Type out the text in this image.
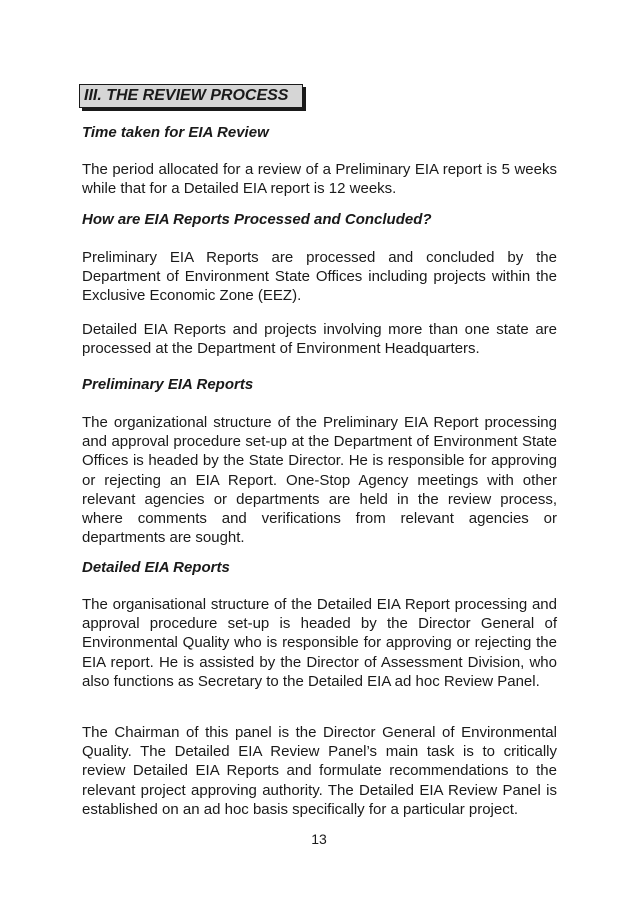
III. THE REVIEW PROCESS
Time taken for EIA Review
The period allocated for a review of a Preliminary EIA report is 5 weeks while that for a Detailed EIA report is 12 weeks.
How are EIA Reports Processed and Concluded?
Preliminary EIA Reports are processed and concluded by the Department of Environment State Offices including projects within the Exclusive Economic Zone (EEZ).
Detailed EIA Reports and projects involving more than one state are processed at the Department of Environment Headquarters.
Preliminary EIA Reports
The organizational structure of the Preliminary EIA Report processing and approval procedure set-up at the Department of Environment State Offices is headed by the State Director. He is responsible for approving or rejecting an EIA Report. One-Stop Agency meetings with other relevant agencies or departments are held in the review process, where comments and verifications from relevant agencies or departments are sought.
Detailed EIA Reports
The organisational structure of the Detailed EIA Report processing and approval procedure set-up is headed by the Director General of Environmental Quality who is responsible for approving or rejecting the EIA report. He is assisted by the Director of Assessment Division, who also functions as Secretary to the Detailed EIA ad hoc Review Panel.
The Chairman of this panel is the Director General of Environmental Quality. The Detailed EIA Review Panel’s main task is to critically review Detailed EIA Reports and formulate recommendations to the relevant project approving authority. The Detailed EIA Review Panel is established on an ad hoc basis specifically for a particular project.
13
